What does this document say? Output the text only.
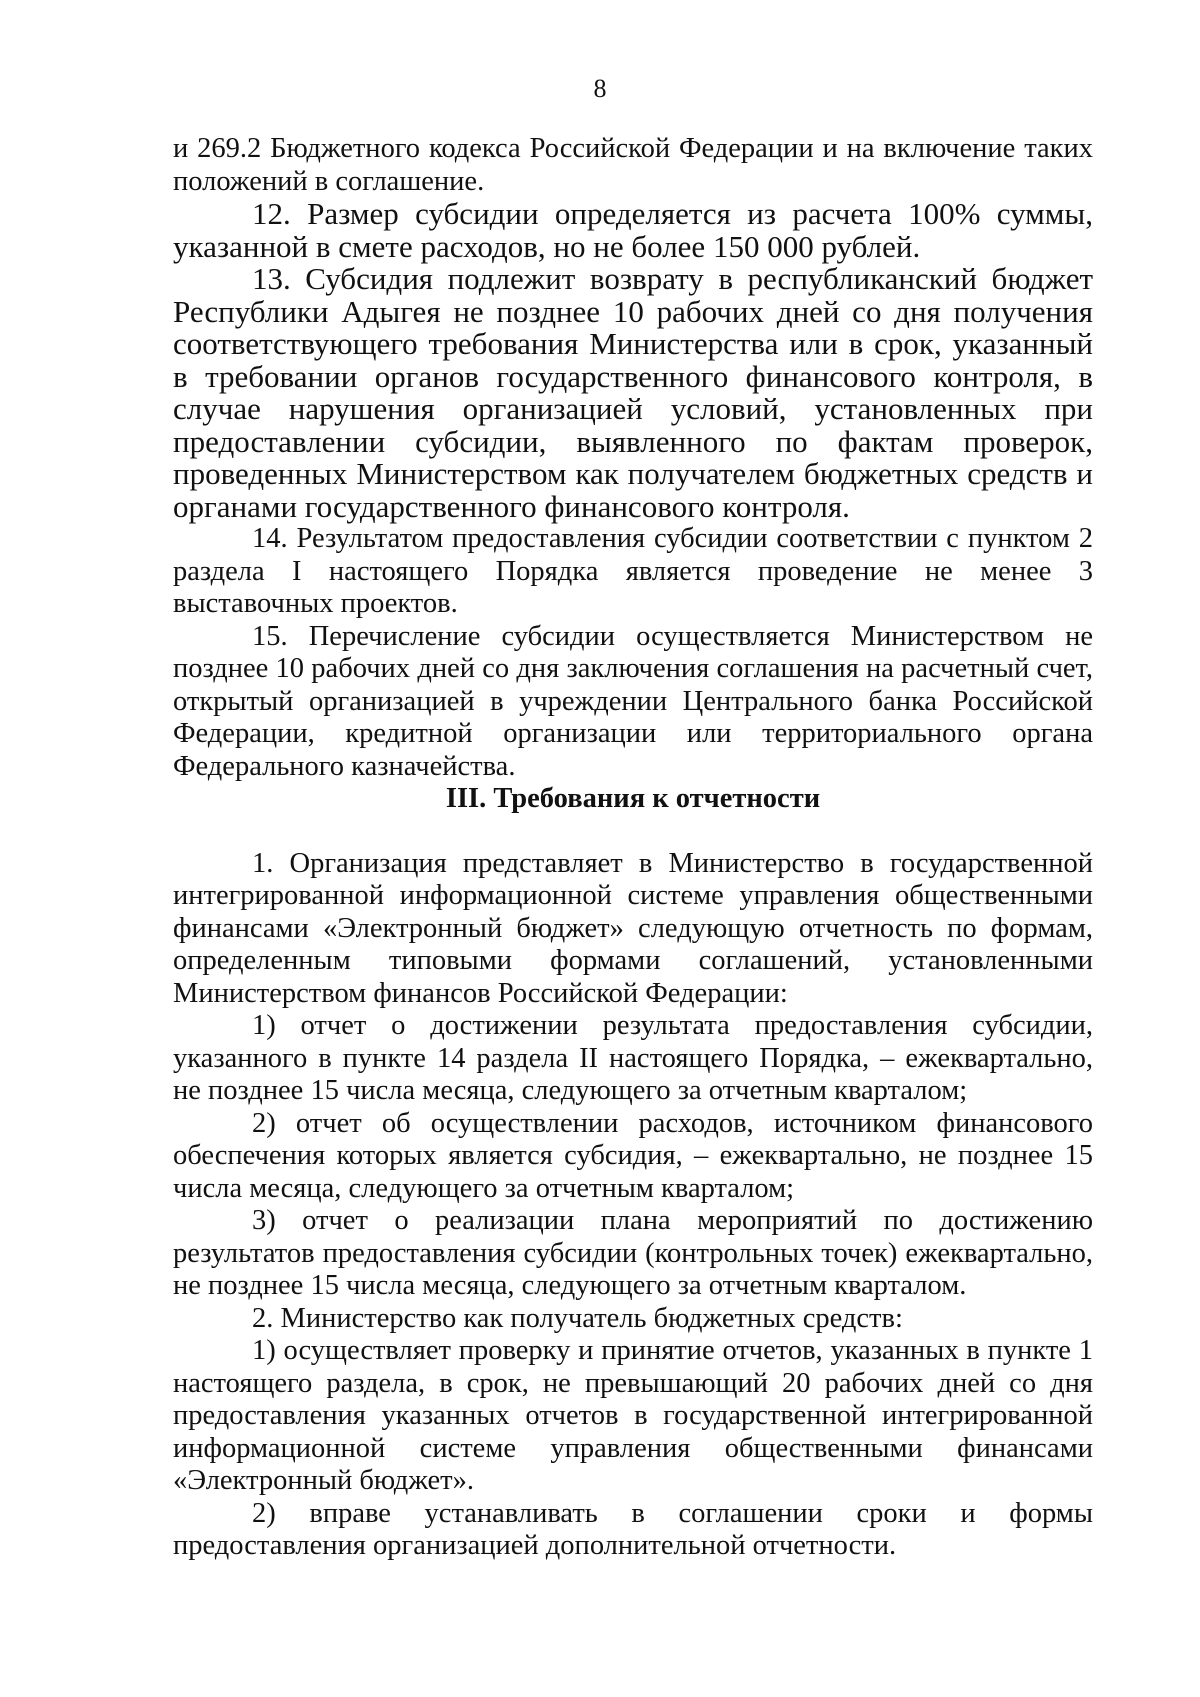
8

и 269.2 Бюджетного кодекса Российской Федерации и на включение таких положений в соглашение.

12. Размер субсидии определяется из расчета 100% суммы, указанной в смете расходов, но не более 150 000 рублей.

13. Субсидия подлежит возврату в республиканский бюджет Республики Адыгея не позднее 10 рабочих дней со дня получения соответствующего требования Министерства или в срок, указанный в требовании органов государственного финансового контроля, в случае нарушения организацией условий, установленных при предоставлении субсидии, выявленного по фактам проверок, проведенных Министерством как получателем бюджетных средств и органами государственного финансового контроля.

14. Результатом предоставления субсидии соответствии с пунктом 2 раздела I настоящего Порядка является проведение не менее 3 выставочных проектов.

15. Перечисление субсидии осуществляется Министерством не позднее 10 рабочих дней со дня заключения соглашения на расчетный счет, открытый организацией в учреждении Центрального банка Российской Федерации, кредитной организации или территориального органа Федерального казначейства.

III. Требования к отчетности

1. Организация представляет в Министерство в государственной интегрированной информационной системе управления общественными финансами «Электронный бюджет» следующую отчетность по формам, определенным типовыми формами соглашений, установленными Министерством финансов Российской Федерации:

1) отчет о достижении результата предоставления субсидии, указанного в пункте 14 раздела II настоящего Порядка, – ежеквартально, не позднее 15 числа месяца, следующего за отчетным кварталом;

2) отчет об осуществлении расходов, источником финансового обеспечения которых является субсидия, – ежеквартально, не позднее 15 числа месяца, следующего за отчетным кварталом;

3) отчет о реализации плана мероприятий по достижению результатов предоставления субсидии (контрольных точек) ежеквартально, не позднее 15 числа месяца, следующего за отчетным кварталом.

2. Министерство как получатель бюджетных средств:

1) осуществляет проверку и принятие отчетов, указанных в пункте 1 настоящего раздела, в срок, не превышающий 20 рабочих дней со дня предоставления указанных отчетов в государственной интегрированной информационной системе управления общественными финансами «Электронный бюджет».

2) вправе устанавливать в соглашении сроки и формы предоставления организацией дополнительной отчетности.
